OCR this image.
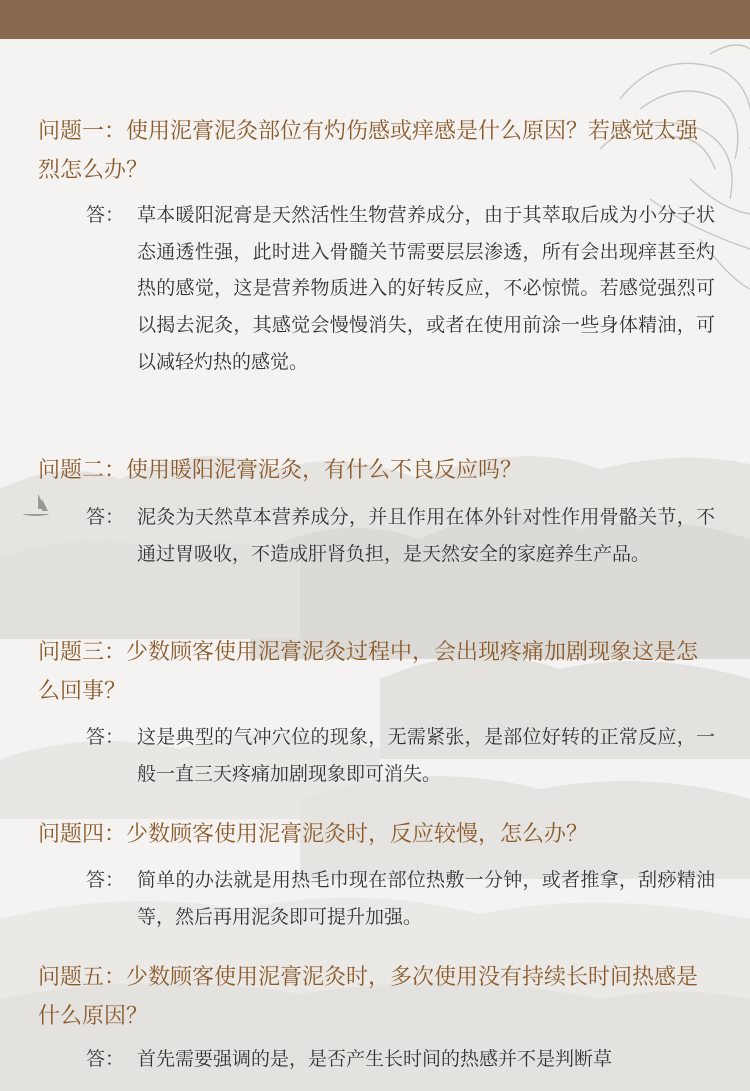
问题一：使用泥膏泥灸部位有灼伤感或痒感是什么原因？若感觉太强烈怎么办？

答： 草本暖阳泥膏是天然活性生物营养成分，由于其萃取后成为小分子状态通透性强，此时进入骨髓关节需要层层渗透，所有会出现痒甚至灼热的感觉，这是营养物质进入的好转反应，不必惊慌。若感觉强烈可以揭去泥灸，其感觉会慢慢消失，或者在使用前涂一些身体精油，可以减轻灼热的感觉。

问题二：使用暖阳泥膏泥灸，有什么不良反应吗？

答： 泥灸为天然草本营养成分，并且作用在体外针对性作用骨骼关节，不通过胃吸收，不造成肝肾负担，是天然安全的家庭养生产品。

问题三：少数顾客使用泥膏泥灸过程中，会出现疼痛加剧现象这是怎么回事？

答： 这是典型的气冲穴位的现象，无需紧张，是部位好转的正常反应，一般一直三天疼痛加剧现象即可消失。

问题四：少数顾客使用泥膏泥灸时，反应较慢，怎么办？

答： 简单的办法就是用热毛巾现在部位热敷一分钟，或者推拿，刮痧精油等，然后再用泥灸即可提升加强。

问题五：少数顾客使用泥膏泥灸时，多次使用没有持续长时间热感是什么原因？

答： 首先需要强调的是，是否产生长时间的热感并不是判断草
